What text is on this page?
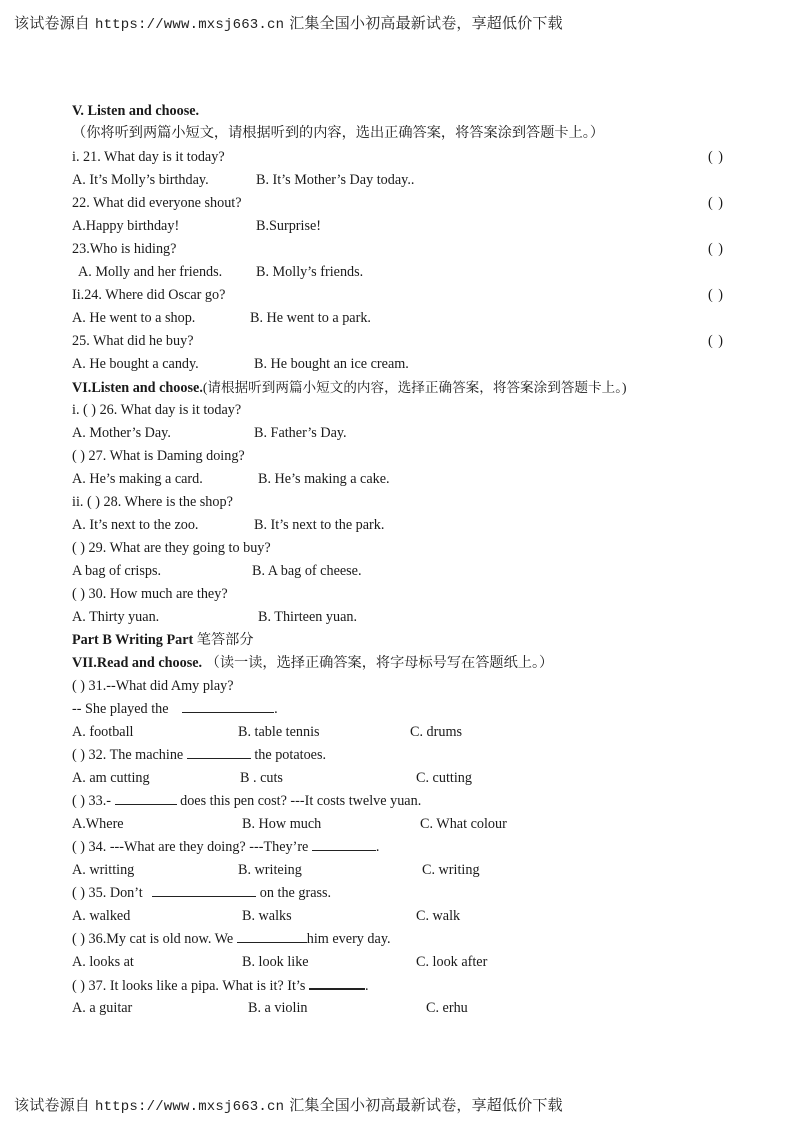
该试卷源自 https://www.mxsj663.cn 汇集全国小初高最新试卷，享超低价下载
V. Listen and choose. （你将听到两篇小短文，请根据听到的内容，选出正确答案，将答案涂到答题卡上。）
i. 21. What day is it today?	( )
A. It’s Molly’s birthday.	B. It’s Mother’s Day today..
22. What did everyone shout?	( )
A.Happy birthday!	B.Surprise!
23.Who is hiding?	( )
A. Molly and her friends. B. Molly’s friends.
Ii.24. Where did Oscar go?	( )
A. He went to a shop.	B. He went to a park.
25. What did he buy?	( )
A. He bought a candy.	B. He bought an ice cream.
VI.Listen and choose.(请根据听到两篇小短文的内容，选择正确答案，将答案涂到答题卡上。)
i. ( ) 26. What day is it today?
A. Mother’s Day.	B. Father’s Day.
( ) 27. What is Daming doing?
A. He’s making a card.	B. He’s making a cake.
ii. ( ) 28. Where is the shop?
A. It’s next to the zoo.	B. It’s next to the park.
( ) 29. What are they going to buy?
A bag of crisps.	B. A bag of cheese.
( ) 30. How much are they?
A. Thirty yuan.	B. Thirteen yuan.
Part B Writing Part 笔答部分
VII.Read and choose. （读一读，选择正确答案，将字母标号写在答题纸上。）
( ) 31.--What did Amy play?
-- She played the	.
A. football	B. table tennis	C. drums
( ) 32. The machine	the potatoes.
A. am cutting	B . cuts	C. cutting
( ) 33.-	does this pen cost? ---It costs twelve yuan.
A.Where	B. How much	C. What colour
( ) 34. ---What are they doing? ---They’re	.
A. writting	B. writeing	C. writing
( ) 35. Don’t	on the grass.
A. walked	B. walks	C. walk
( ) 36.My cat is old now. We	him every day.
A. looks at	B. look like	C. look after
( ) 37. It looks like a pipa. What is it? It’s	.
A. a guitar	B. a violin	C. erhu
该试卷源自 https://www.mxsj663.cn 汇集全国小初高最新试卷，享超低价下载
